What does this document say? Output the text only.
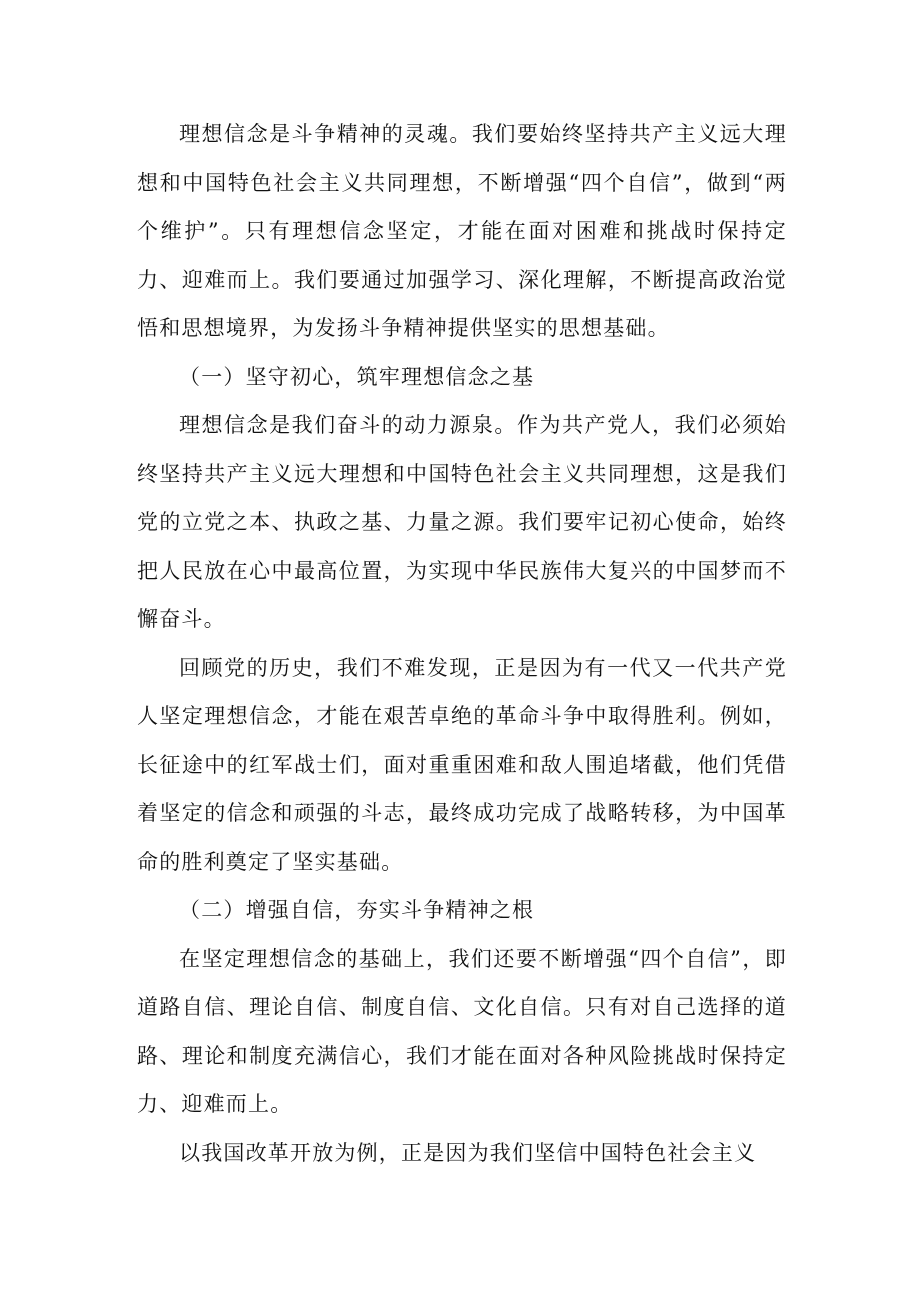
理想信念是斗争精神的灵魂。我们要始终坚持共产主义远大理想和中国特色社会主义共同理想，不断增强“四个自信”，做到“两个维护”。只有理想信念坚定，才能在面对困难和挑战时保持定力、迎难而上。我们要通过加强学习、深化理解，不断提高政治觉悟和思想境界，为发扬斗争精神提供坚实的思想基础。

（一）坚守初心，筑牢理想信念之基

理想信念是我们奋斗的动力源泉。作为共产党人，我们必须始终坚持共产主义远大理想和中国特色社会主义共同理想，这是我们党的立党之本、执政之基、力量之源。我们要牢记初心使命，始终把人民放在心中最高位置，为实现中华民族伟大复兴的中国梦而不懈奋斗。

回顾党的历史，我们不难发现，正是因为有一代又一代共产党人坚定理想信念，才能在艰苦卓绝的革命斗争中取得胜利。例如，长征途中的红军战士们，面对重重困难和敌人围追堵截，他们凭借着坚定的信念和顽强的斗志，最终成功完成了战略转移，为中国革命的胜利奠定了坚实基础。

（二）增强自信，夯实斗争精神之根

在坚定理想信念的基础上，我们还要不断增强“四个自信”，即道路自信、理论自信、制度自信、文化自信。只有对自己选择的道路、理论和制度充满信心，我们才能在面对各种风险挑战时保持定力、迎难而上。

以我国改革开放为例，正是因为我们坚信中国特色社会主义
